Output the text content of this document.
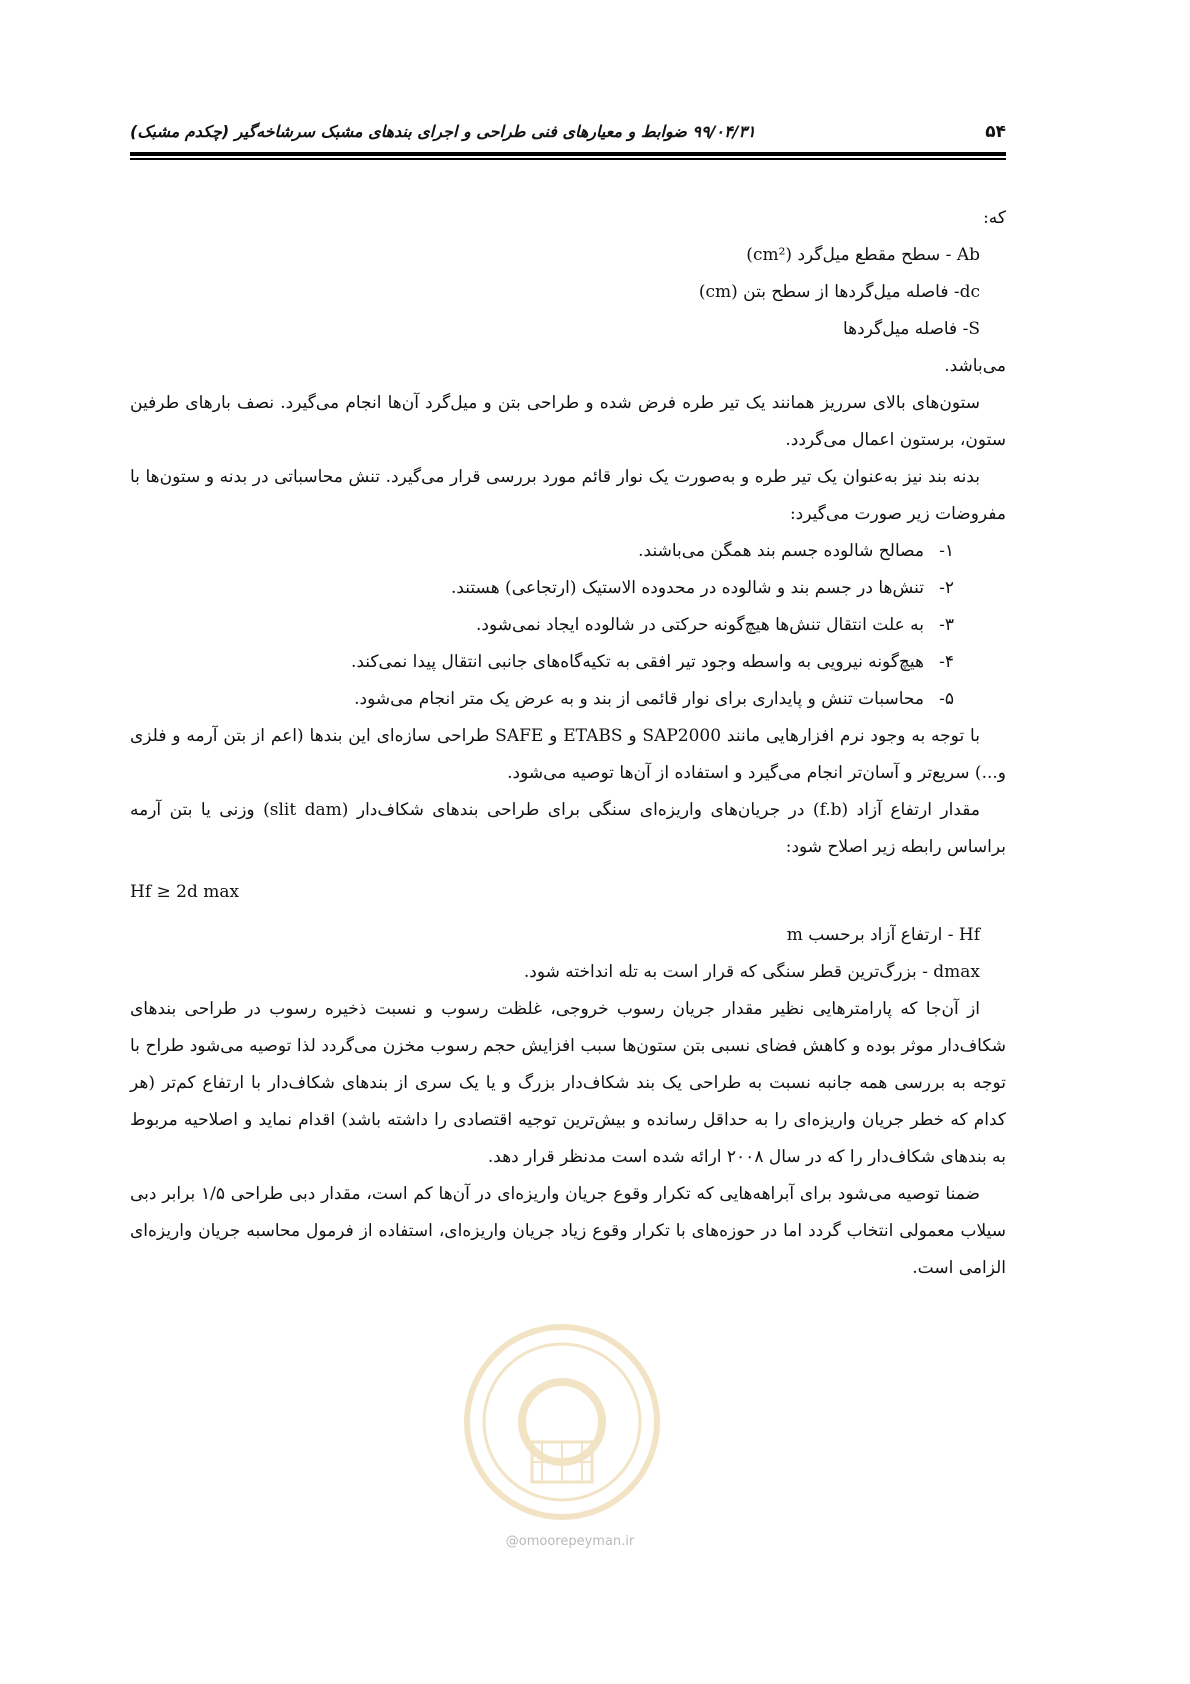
۵۴
۹۹/۰۴/۳۱ ضوابط و معیارهای فنی طراحی و اجرای بندهای مشبک سرشاخه‌گیر (چکدم مشبک)

که:

Ab - سطح مقطع میل‌گرد (cm²)

dc- فاصله میل‌گردها از سطح بتن (cm)

S- فاصله میل‌گردها

می‌باشد.

ستون‌های بالای سرریز همانند یک تیر طره فرض شده و طراحی بتن و میل‌گرد آن‌ها انجام می‌گیرد. نصف بارهای طرفین ستون، برستون اعمال می‌گردد.

بدنه بند نیز به‌عنوان یک تیر طره و به‌صورت یک نوار قائم مورد بررسی قرار می‌گیرد. تنش محاسباتی در بدنه و ستون‌ها با مفروضات زیر صورت می‌گیرد:

۱-مصالح شالوده جسم بند همگن می‌باشند.
۲-تنش‌ها در جسم بند و شالوده در محدوده الاستیک (ارتجاعی) هستند.
۳-به علت انتقال تنش‌ها هیچ‌گونه حرکتی در شالوده ایجاد نمی‌شود.
۴-هیچ‌گونه نیرویی به واسطه وجود تیر افقی به تکیه‌گاه‌های جانبی انتقال پیدا نمی‌کند.
۵-محاسبات تنش و پایداری برای نوار قائمی از بند و به عرض یک متر انجام می‌شود.

با توجه به وجود نرم افزارهایی مانند SAP2000 و ETABS و SAFE طراحی سازه‌ای این بندها (اعم از بتن آرمه و فلزی و...) سریع‌تر و آسان‌تر انجام می‌گیرد و استفاده از آن‌ها توصیه می‌شود.

مقدار ارتفاع آزاد (f.b) در جریان‌های واریزه‌ای سنگی برای طراحی بندهای شکاف‌دار (slit dam) وزنی یا بتن آرمه براساس رابطه زیر اصلاح شود:

Hf ≥ 2d max

Hf - ارتفاع آزاد برحسب m

dmax - بزرگ‌ترین قطر سنگی که قرار است به تله انداخته شود.

از آن‌جا که پارامترهایی نظیر مقدار جریان رسوب خروجی، غلظت رسوب و نسبت ذخیره رسوب در طراحی بندهای شکاف‌دار موثر بوده و کاهش فضای نسبی بتن ستون‌ها سبب افزایش حجم رسوب مخزن می‌گردد لذا توصیه می‌شود طراح با توجه به بررسی همه جانبه نسبت به طراحی یک بند شکاف‌دار بزرگ و یا یک سری از بندهای شکاف‌دار با ارتفاع کم‌تر (هر کدام که خطر جریان واریزه‌ای را به حداقل رسانده و بیش‌ترین توجیه اقتصادی را داشته باشد) اقدام نماید و اصلاحیه مربوط به بندهای شکاف‌دار را که در سال ۲۰۰۸ ارائه شده است مدنظر قرار دهد.

ضمنا توصیه می‌شود برای آبراهه‌هایی که تکرار وقوع جریان واریزه‌ای در آن‌ها کم است، مقدار دبی طراحی ۱/۵ برابر دبی سیلاب معمولی انتخاب گردد اما در حوزه‌های با تکرار وقوع زیاد جریان واریزه‌ای، استفاده از فرمول محاسبه جریان واریزه‌ای الزامی است.

@omoorepeyman.ir
